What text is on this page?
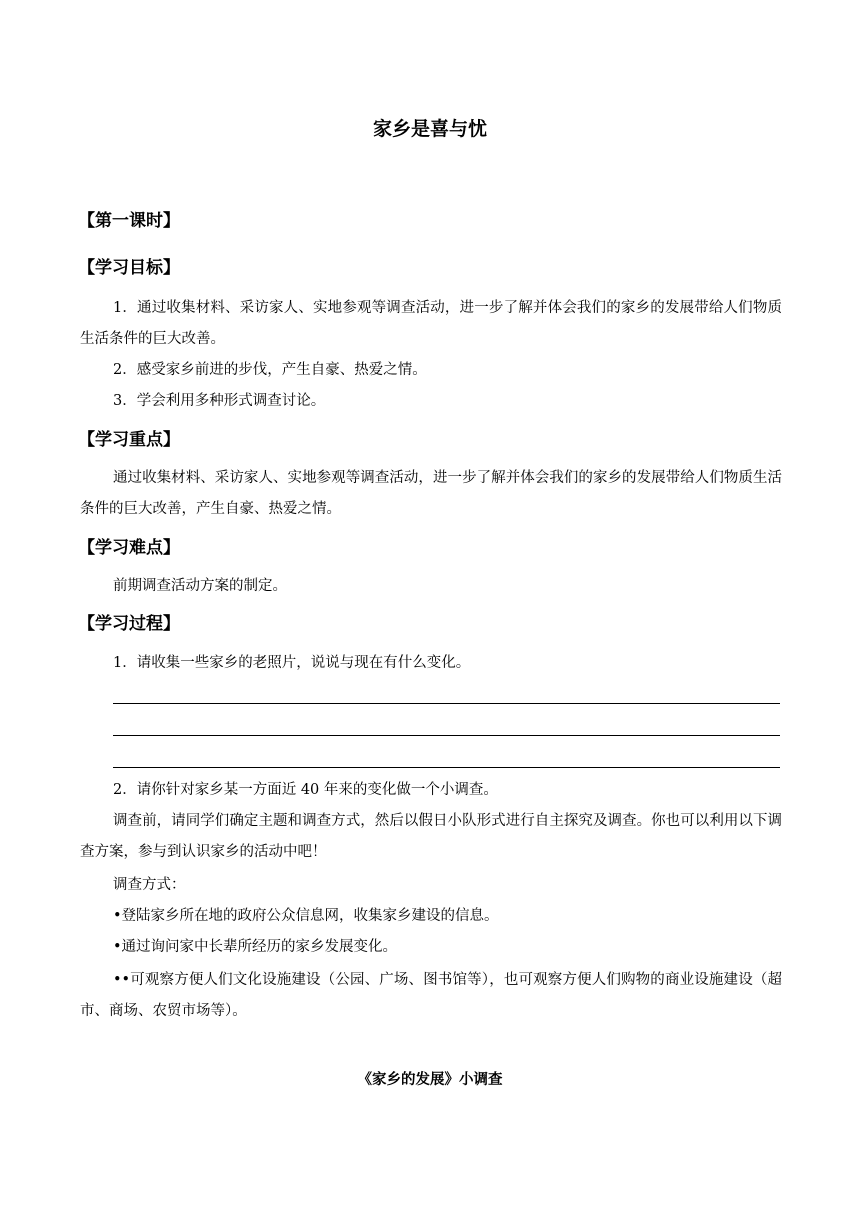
家乡是喜与忧
【第一课时】
【学习目标】
1．通过收集材料、采访家人、实地参观等调查活动，进一步了解并体会我们的家乡的发展带给人们物质生活条件的巨大改善。
2．感受家乡前进的步伐，产生自豪、热爱之情。
3．学会利用多种形式调查讨论。
【学习重点】
通过收集材料、采访家人、实地参观等调查活动，进一步了解并体会我们的家乡的发展带给人们物质生活条件的巨大改善，产生自豪、热爱之情。
【学习难点】
前期调查活动方案的制定。
【学习过程】
1．请收集一些家乡的老照片，说说与现在有什么变化。
2．请你针对家乡某一方面近 40 年来的变化做一个小调查。
调查前，请同学们确定主题和调查方式，然后以假日小队形式进行自主探究及调查。你也可以利用以下调查方案，参与到认识家乡的活动中吧！
调查方式：
•登陆家乡所在地的政府公众信息网，收集家乡建设的信息。
•通过询问家中长辈所经历的家乡发展变化。
••可观察方便人们文化设施建设（公园、广场、图书馆等），也可观察方便人们购物的商业设施建设（超市、商场、农贸市场等）。
《家乡的发展》小调查
